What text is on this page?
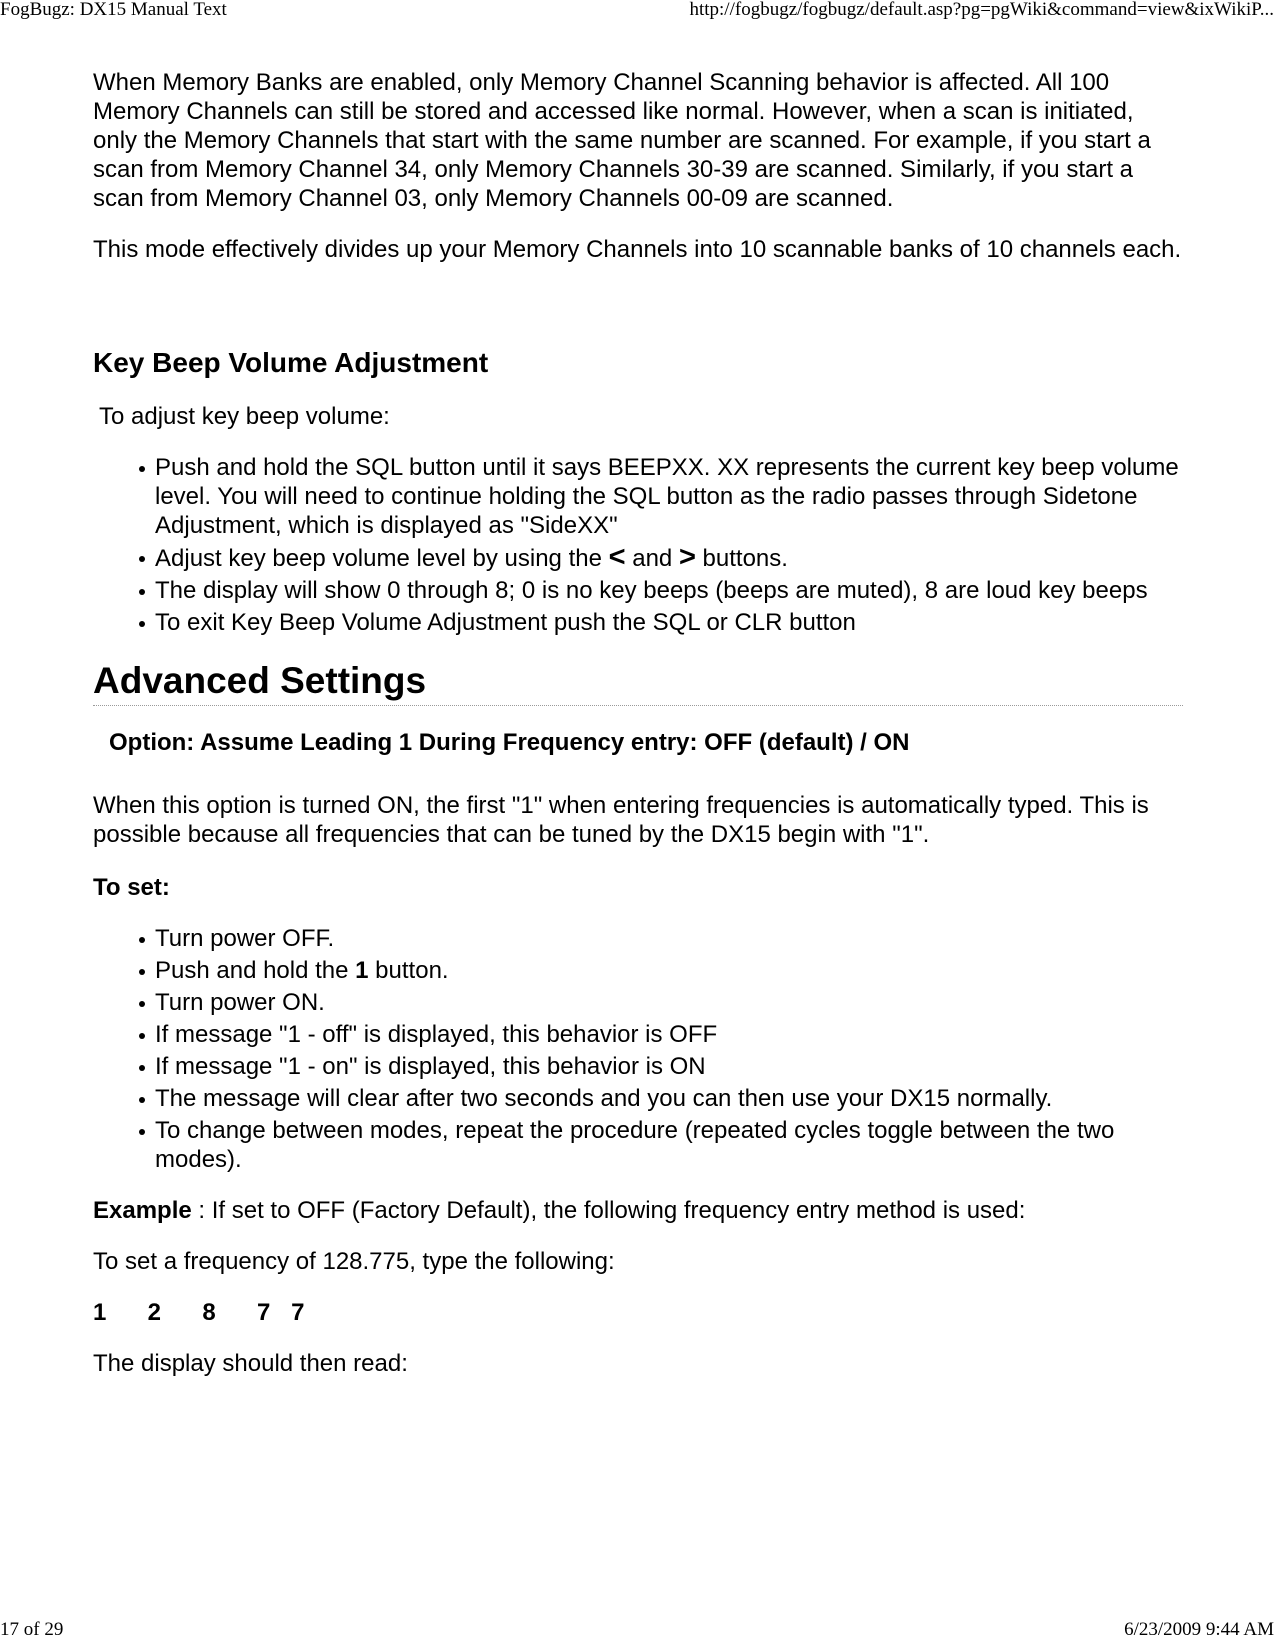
FogBugz: DX15 Manual Text	http://fogbugz/fogbugz/default.asp?pg=pgWiki&command=view&ixWikiP...

When Memory Banks are enabled, only Memory Channel Scanning behavior is affected. All 100 Memory Channels can still be stored and accessed like normal. However, when a scan is initiated, only the Memory Channels that start with the same number are scanned. For example, if you start a scan from Memory Channel 34, only Memory Channels 30-39 are scanned. Similarly, if you start a scan from Memory Channel 03, only Memory Channels 00-09 are scanned.

This mode effectively divides up your Memory Channels into 10 scannable banks of 10 channels each.

Key Beep Volume Adjustment

To adjust key beep volume:

Push and hold the SQL button until it says BEEPXX. XX represents the current key beep volume level. You will need to continue holding the SQL button as the radio passes through Sidetone Adjustment, which is displayed as "SideXX"
Adjust key beep volume level by using the < and > buttons.
The display will show 0 through 8; 0 is no key beeps (beeps are muted), 8 are loud key beeps
To exit Key Beep Volume Adjustment push the SQL or CLR button
Advanced Settings
Option: Assume Leading 1 During Frequency entry: OFF (default) / ON

When this option is turned ON, the first "1" when entering frequencies is automatically typed. This is possible because all frequencies that can be tuned by the DX15 begin with "1".

To set:

Turn power OFF.
Push and hold the 1 button.
Turn power ON.
If message "1 - off" is displayed, this behavior is OFF
If message "1 - on" is displayed, this behavior is ON
The message will clear after two seconds and you can then use your DX15 normally.
To change between modes, repeat the procedure (repeated cycles toggle between the two modes).

Example : If set to OFF (Factory Default), the following frequency entry method is used:

To set a frequency of 128.775, type the following:

1  2  8  7 7

The display should then read:

17 of 29	6/23/2009 9:44 AM
